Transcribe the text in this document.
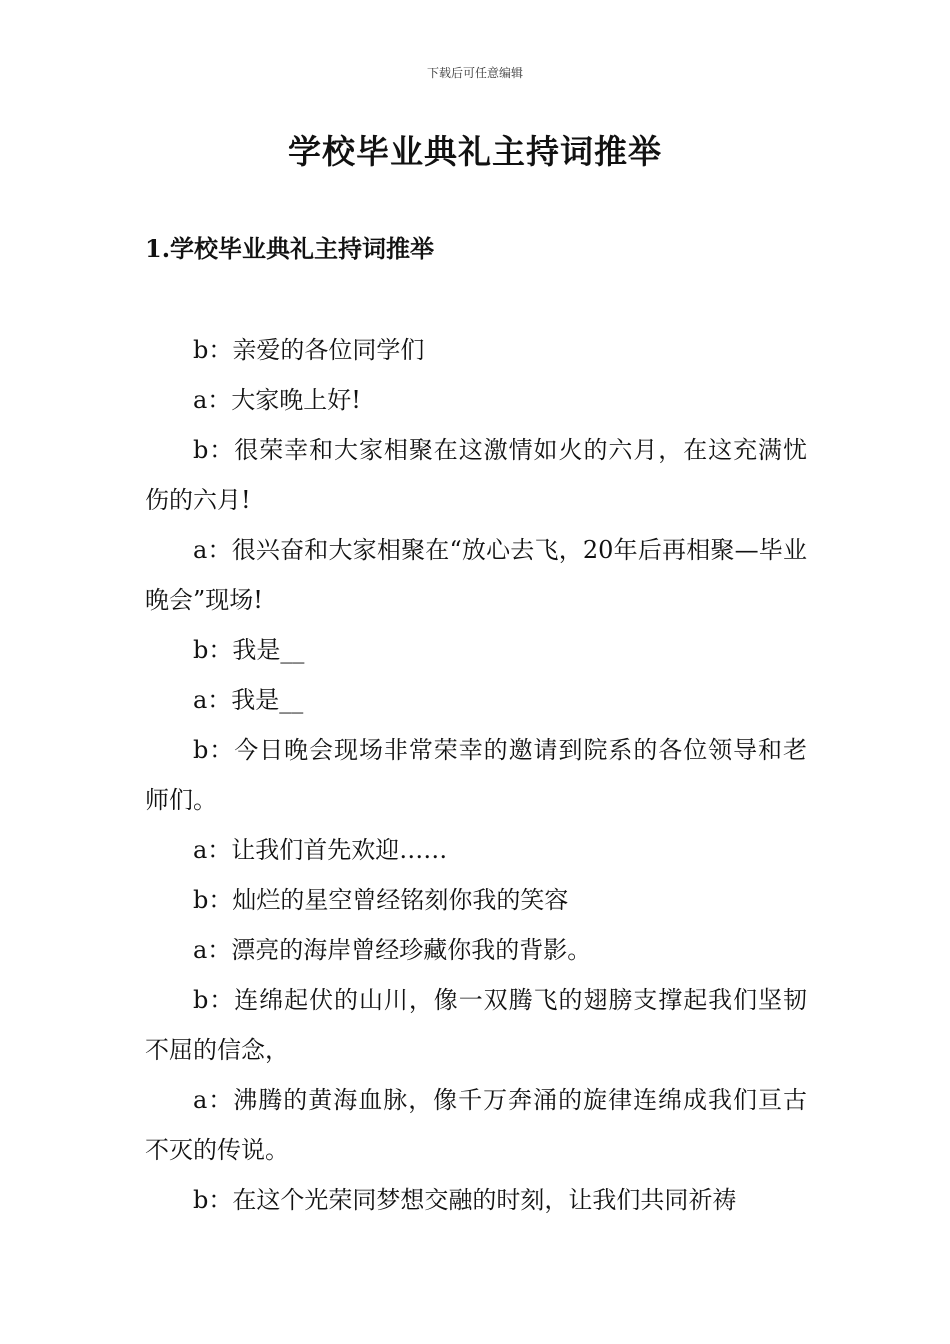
下载后可任意编辑
学校毕业典礼主持词推举
1.学校毕业典礼主持词推举

b：亲爱的各位同学们

a：大家晚上好!

b：很荣幸和大家相聚在这激情如火的六月，在这充满忧伤的六月!

a：很兴奋和大家相聚在“放心去飞，20年后再相聚—毕业晚会”现场!

b：我是__

a：我是__

b：今日晚会现场非常荣幸的邀请到院系的各位领导和老师们。

a：让我们首先欢迎……

b：灿烂的星空曾经铭刻你我的笑容

a：漂亮的海岸曾经珍藏你我的背影。

b：连绵起伏的山川，像一双腾飞的翅膀支撑起我们坚韧不屈的信念，

a：沸腾的黄海血脉，像千万奔涌的旋律连绵成我们亘古不灭的传说。

b：在这个光荣同梦想交融的时刻，让我们共同祈祷
